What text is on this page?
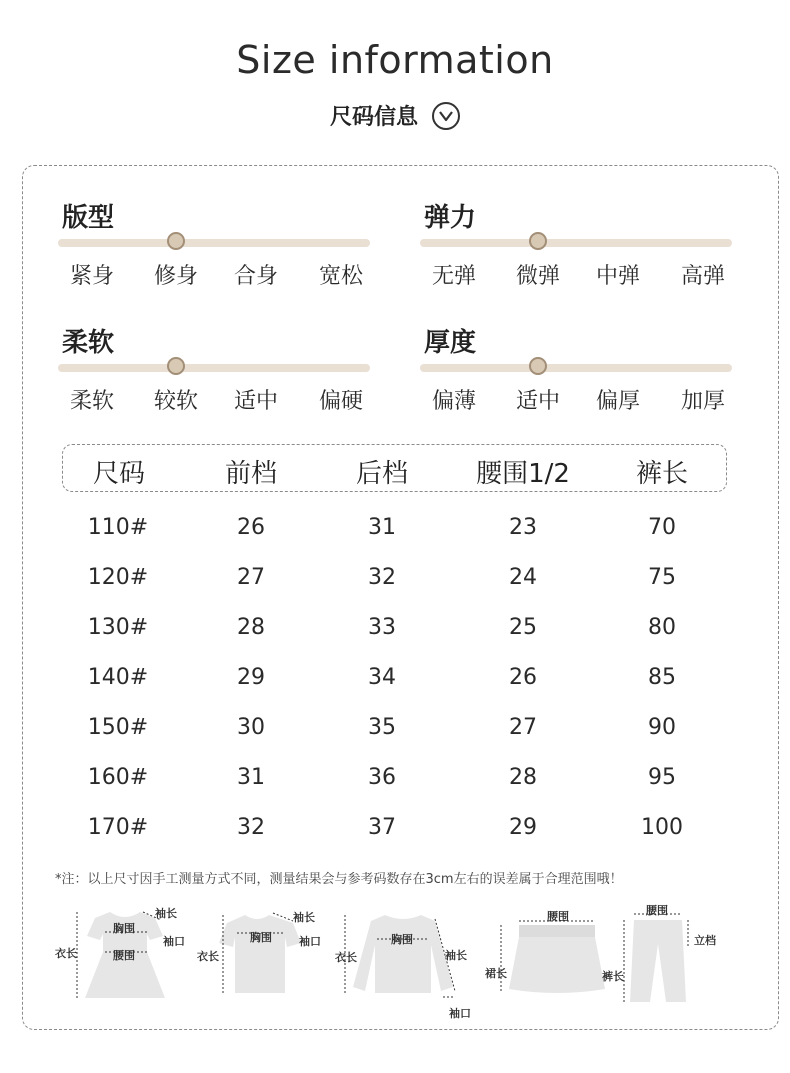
Size information
尺码信息
版型
紧身	修身	合身	宽松
弹力
无弹	微弹	中弹	高弹
柔软
柔软	较软	适中	偏硬
厚度
偏薄	适中	偏厚	加厚
尺码	前档	后档	腰围1/2	裤长
110#	26	31	23	70
120#	27	32	24	75
130#	28	33	25	80
140#	29	34	26	85
150#	30	35	27	90
160#	31	36	28	95
170#	32	37	29	100
*注：以上尺寸因手工测量方式不同，测量结果会与参考码数存在3cm左右的误差属于合理范围哦！
袖长
胸围
袖口
衣长	腰围
袖长
胸围 袖口
衣长
胸围
袖长
衣长
袖口
腰围
裙长
腰围
立档
裤长
